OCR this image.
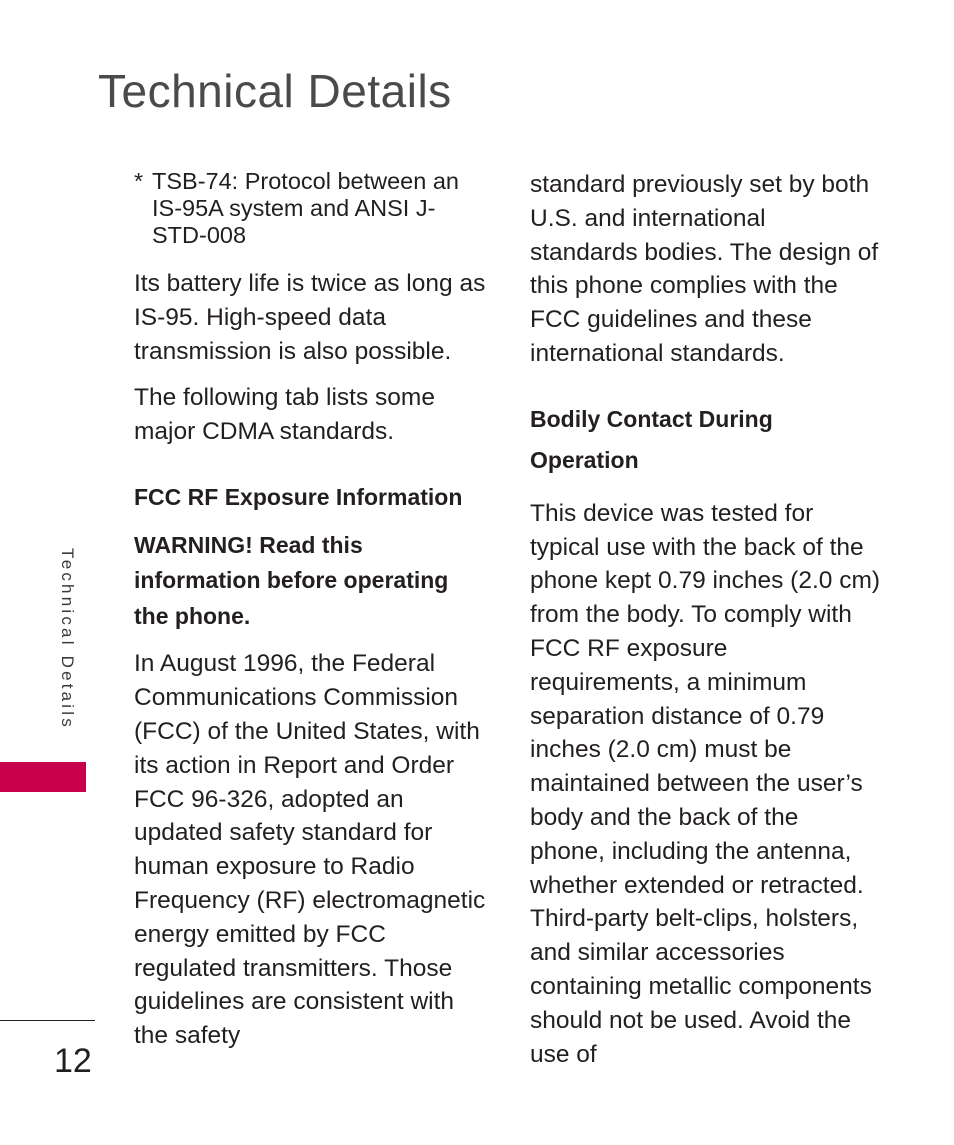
Technical Details

* TSB-74: Protocol between an IS-95A system and ANSI J-STD-008

Its battery life is twice as long as IS-95. High-speed data transmission is also possible.

The following tab lists some major CDMA standards.

FCC RF Exposure Information

WARNING! Read this information before operating the phone.

In August 1996, the Federal Communications Commission (FCC) of the United States, with its action in Report and Order FCC 96-326, adopted an updated safety standard for human exposure to Radio Frequency (RF) electromagnetic energy emitted by FCC regulated transmitters. Those guidelines are consistent with the safety

standard previously set by both U.S. and international standards bodies. The design of this phone complies with the FCC guidelines and these international standards.

Bodily Contact During Operation

This device was tested for typical use with the back of the phone kept 0.79 inches (2.0 cm) from the body. To comply with FCC RF exposure requirements, a minimum separation distance of 0.79 inches (2.0 cm) must be maintained between the user’s body and the back of the phone, including the antenna, whether extended or retracted. Third-party belt-clips, holsters, and similar accessories containing metallic components should not be used. Avoid the use of

Technical Details
12
